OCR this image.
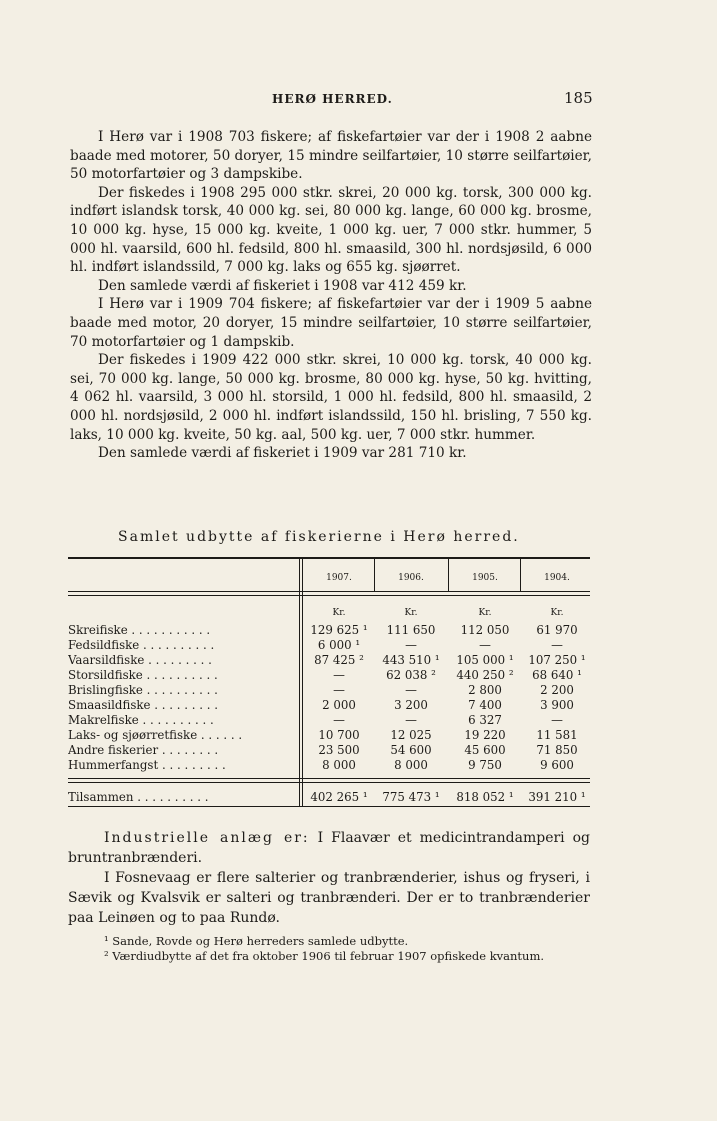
HERØ HERRED.	185

I Herø var i 1908 703 fiskere; af fiskefartøier var der i 1908 2 aabne baade med motorer, 50 doryer, 15 mindre seilfartøier, 10 større seilfartøier, 50 motorfartøier og 3 dampskibe.

Der fiskedes i 1908 295 000 stkr. skrei, 20 000 kg. torsk, 300 000 kg. indført islandsk torsk, 40 000 kg. sei, 80 000 kg. lange, 60 000 kg. brosme, 10 000 kg. hyse, 15 000 kg. kveite, 1 000 kg. uer, 7 000 stkr. hummer, 5 000 hl. vaarsild, 600 hl. fedsild, 800 hl. smaasild, 300 hl. nordsjøsild, 6 000 hl. indført islandssild, 7 000 kg. laks og 655 kg. sjøørret.

Den samlede værdi af fiskeriet i 1908 var 412 459 kr.

I Herø var i 1909 704 fiskere; af fiskefartøier var der i 1909 5 aabne baade med motor, 20 doryer, 15 mindre seilfartøier, 10 større seilfartøier, 70 motorfartøier og 1 dampskib.

Der fiskedes i 1909 422 000 stkr. skrei, 10 000 kg. torsk, 40 000 kg. sei, 70 000 kg. lange, 50 000 kg. brosme, 80 000 kg. hyse, 50 kg. hvitting, 4 062 hl. vaarsild, 3 000 hl. storsild, 1 000 hl. fedsild, 800 hl. smaasild, 2 000 hl. nordsjøsild, 2 000 hl. indført islandssild, 150 hl. brisling, 7 550 kg. laks, 10 000 kg. kveite, 50 kg. aal, 500 kg. uer, 7 000 stkr. hummer.

Den samlede værdi af fiskeriet i 1909 var 281 710 kr.

Samlet udbytte af fiskerierne i Herø herred.
1907.	1906.	1905.	1904.
Kr.	Kr.	Kr.	Kr.
Skreifiske . . . . . . . . . . .	129 625 ¹	111 650	112 050	61 970
Fedsildfiske . . . . . . . . . .	6 000 ¹	—	—	—
Vaarsildfiske . . . . . . . . .	87 425 ²	443 510 ¹	105 000 ¹	107 250 ¹
Storsildfiske . . . . . . . . . .	—	62 038 ²	440 250 ²	68 640 ¹
Brislingfiske . . . . . . . . . .	—	—	2 800	2 200
Smaasildfiske . . . . . . . . .	2 000	3 200	7 400	3 900
Makrelfiske . . . . . . . . . .	—	—	6 327	—
Laks- og sjøørretfiske . . . . . .	10 700	12 025	19 220	11 581
Andre fiskerier . . . . . . . .	23 500	54 600	45 600	71 850
Hummerfangst . . . . . . . . .	8 000	8 000	9 750	9 600
Tilsammen . . . . . . . . . .	402 265 ¹	775 473 ¹	818 052 ¹	391 210 ¹

Industrielle anlæg er: I Flaavær et medicintrandamperi og bruntranbrænderi.

I Fosnevaag er flere salterier og tranbrænderier, ishus og fryseri, i Sævik og Kvalsvik er salteri og tranbrænderi. Der er to tranbrænderier paa Leinøen og to paa Rundø.

¹ Sande, Rovde og Herø herreders samlede udbytte.

² Værdiudbytte af det fra oktober 1906 til februar 1907 opfiskede kvantum.
